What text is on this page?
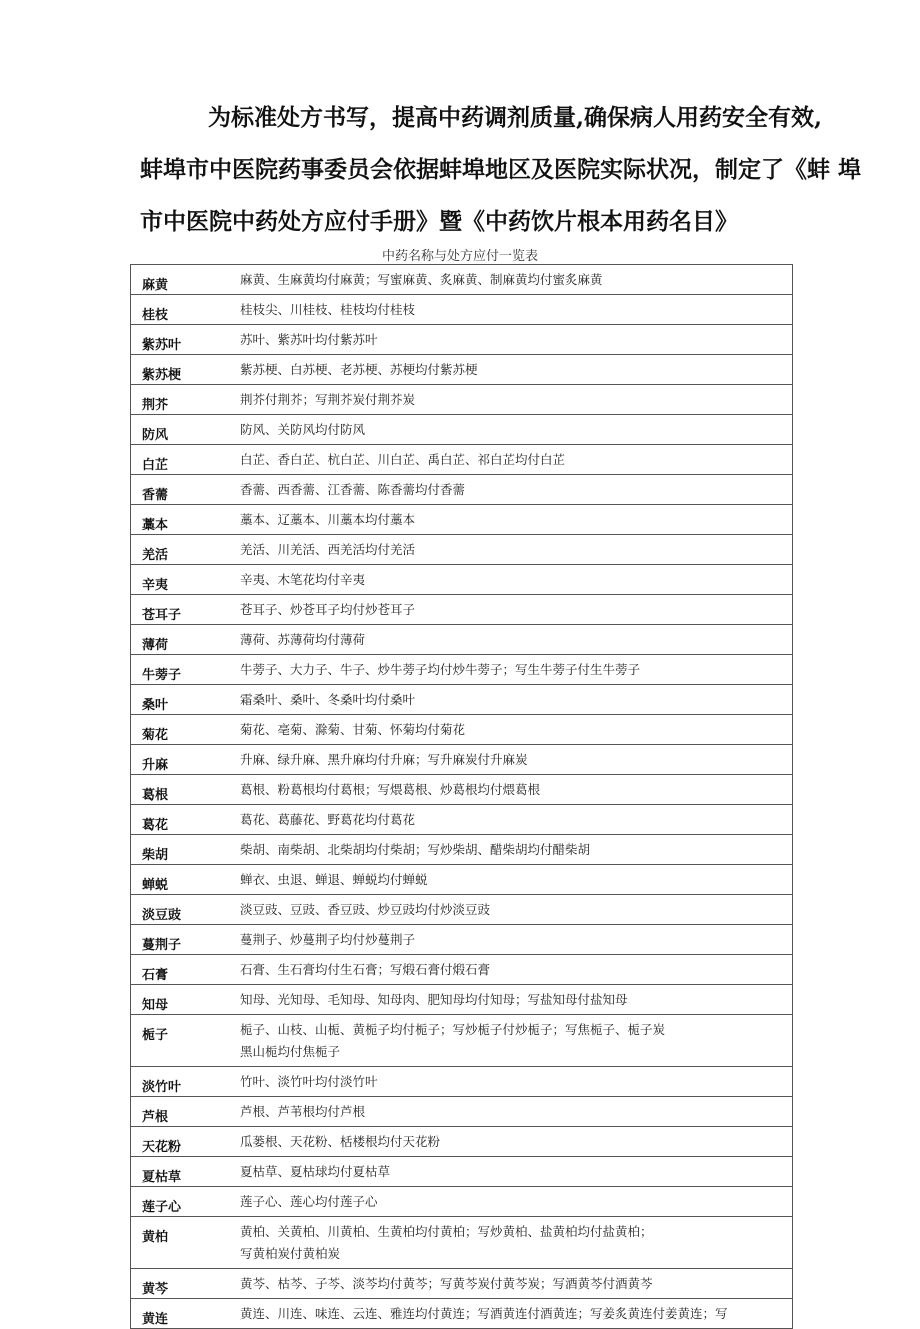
为标准处方书写，提高中药调剂质量,确保病人用药安全有效,
蚌埠市中医院药事委员会依据蚌埠地区及医院实际状况，制定了《蚌 埠
市中医院中药处方应付手册》暨《中药饮片根本用药名目》
中药名称与处方应付一览表
麻黄	麻黄、生麻黄均付麻黄；写蜜麻黄、炙麻黄、制麻黄均付蜜炙麻黄
桂枝	桂枝尖、川桂枝、桂枝均付桂枝
紫苏叶	苏叶、紫苏叶均付紫苏叶
紫苏梗	紫苏梗、白苏梗、老苏梗、苏梗均付紫苏梗
荆芥	荆芥付荆芥；写荆芥炭付荆芥炭
防风	防风、关防风均付防风
白芷	白芷、香白芷、杭白芷、川白芷、禹白芷、祁白芷均付白芷
香薷	香薷、西香薷、江香薷、陈香薷均付香薷
藁本	藁本、辽藁本、川藁本均付藁本
羌活	羌活、川羌活、西羌活均付羌活
辛夷	辛夷、木笔花均付辛夷
苍耳子	苍耳子、炒苍耳子均付炒苍耳子
薄荷	薄荷、苏薄荷均付薄荷
牛蒡子	牛蒡子、大力子、牛子、炒牛蒡子均付炒牛蒡子；写生牛蒡子付生牛蒡子
桑叶	霜桑叶、桑叶、冬桑叶均付桑叶
菊花	菊花、亳菊、滁菊、甘菊、怀菊均付菊花
升麻	升麻、绿升麻、黑升麻均付升麻；写升麻炭付升麻炭
葛根	葛根、粉葛根均付葛根；写煨葛根、炒葛根均付煨葛根
葛花	葛花、葛藤花、野葛花均付葛花
柴胡	柴胡、南柴胡、北柴胡均付柴胡；写炒柴胡、醋柴胡均付醋柴胡
蝉蜕	蝉衣、虫退、蝉退、蝉蜕均付蝉蜕
淡豆豉	淡豆豉、豆豉、香豆豉、炒豆豉均付炒淡豆豉
蔓荆子	蔓荆子、炒蔓荆子均付炒蔓荆子
石膏	石膏、生石膏均付生石膏；写煅石膏付煅石膏
知母	知母、光知母、毛知母、知母肉、肥知母均付知母；写盐知母付盐知母
栀子	栀子、山枝、山栀、黄栀子均付栀子；写炒栀子付炒栀子；写焦栀子、栀子炭
黑山栀均付焦栀子
淡竹叶	竹叶、淡竹叶均付淡竹叶
芦根	芦根、芦苇根均付芦根
天花粉	瓜蒌根、天花粉、栝楼根均付天花粉
夏枯草	夏枯草、夏枯球均付夏枯草
莲子心	莲子心、莲心均付莲子心
黄柏	黄柏、关黄柏、川黄柏、生黄柏均付黄柏；写炒黄柏、盐黄柏均付盐黄柏；
写黄柏炭付黄柏炭
黄芩	黄芩、枯芩、子芩、淡芩均付黄芩；写黄芩炭付黄芩炭；写酒黄芩付酒黄芩
黄连	黄连、川连、味连、云连、雅连均付黄连；写酒黄连付酒黄连；写姜炙黄连付姜黄连；写
